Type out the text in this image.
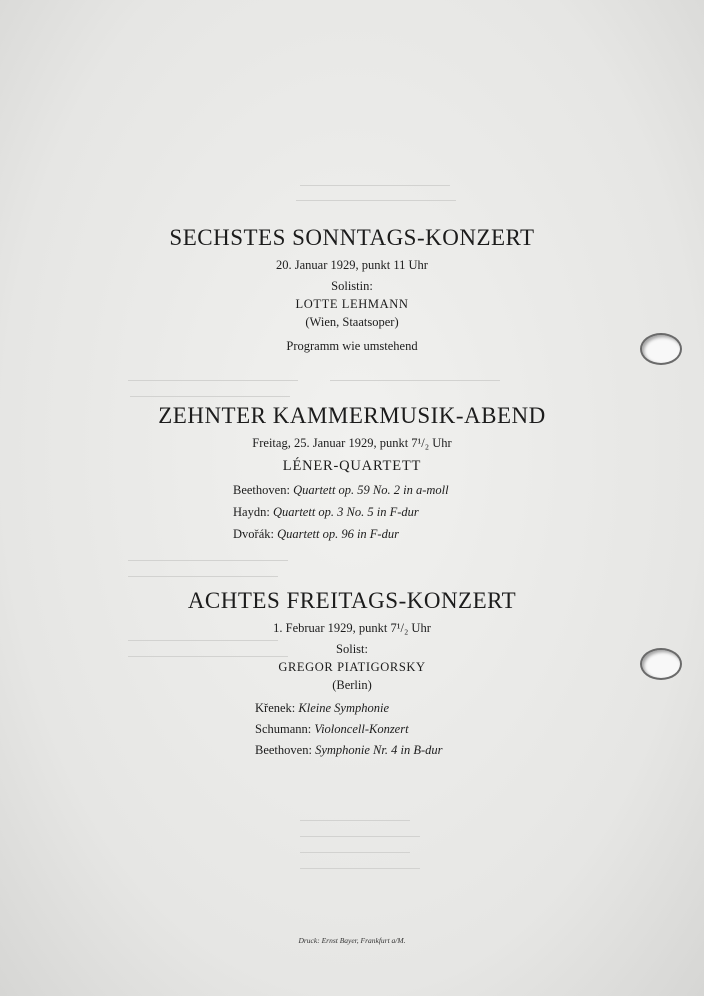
SECHSTES SONNTAGS-KONZERT
20. Januar 1929, punkt 11 Uhr
Solistin:
LOTTE LEHMANN
(Wien, Staatsoper)
Programm wie umstehend
ZEHNTER KAMMERMUSIK-ABEND
Freitag, 25. Januar 1929, punkt 7¹/₂ Uhr
LÉNER-QUARTETT
Beethoven: Quartett op. 59 No. 2 in a-moll
Haydn: Quartett op. 3 No. 5 in F-dur
Dvořák: Quartett op. 96 in F-dur
ACHTES FREITAGS-KONZERT
1. Februar 1929, punkt 7¹/₂ Uhr
Solist:
GREGOR PIATIGORSKY
(Berlin)
Křenek: Kleine Symphonie
Schumann: Violoncell-Konzert
Beethoven: Symphonie Nr. 4 in B-dur
Druck: Ernst Bayer, Frankfurt a/M.
